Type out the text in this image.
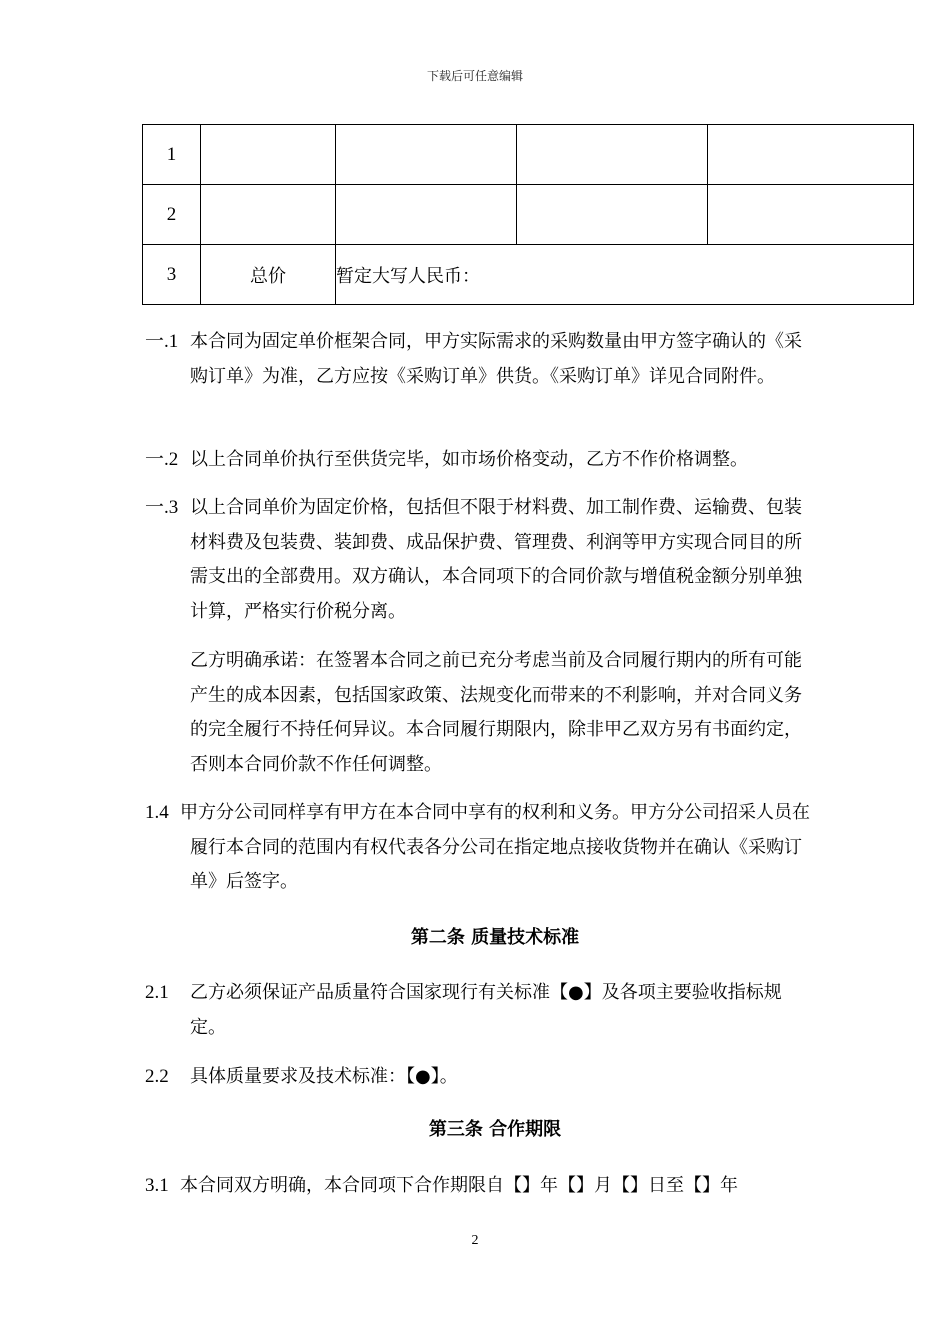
下载后可任意编辑
1				
2				
3	总价	暂定大写人民币：		
一.1 本合同为固定单价框架合同，甲方实际需求的采购数量由甲方签字确认的《采购订单》为准，乙方应按《采购订单》供货。《采购订单》详见合同附件。
一.2 以上合同单价执行至供货完毕，如市场价格变动，乙方不作价格调整。
一.3 以上合同单价为固定价格，包括但不限于材料费、加工制作费、运输费、包装材料费及包装费、装卸费、成品保护费、管理费、利润等甲方实现合同目的所需支出的全部费用。双方确认，本合同项下的合同价款与增值税金额分别单独计算，严格实行价税分离。
乙方明确承诺：在签署本合同之前已充分考虑当前及合同履行期内的所有可能产生的成本因素，包括国家政策、法规变化而带来的不利影响，并对合同义务的完全履行不持任何异议。本合同履行期限内，除非甲乙双方另有书面约定，否则本合同价款不作任何调整。
1.4 甲方分公司同样享有甲方在本合同中享有的权利和义务。甲方分公司招采人员在履行本合同的范围内有权代表各分公司在指定地点接收货物并在确认《采购订单》后签字。
第二条 质量技术标准
2.1 乙方必须保证产品质量符合国家现行有关标准【●】及各项主要验收指标规定。
2.2 具体质量要求及技术标准：【●】。
第三条 合作期限
3.1 本合同双方明确，本合同项下合作期限自【】年【】月【】日至【】年
2
